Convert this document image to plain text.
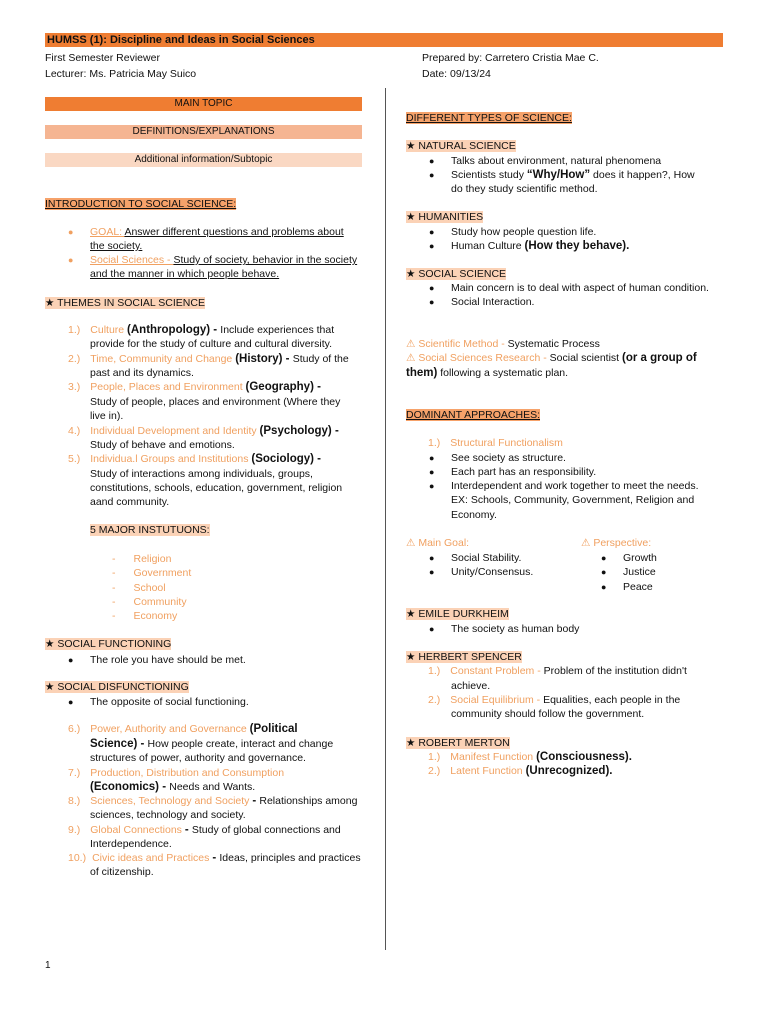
HUMSS (1): Discipline and Ideas in Social Sciences
First Semester Reviewer
Lecturer: Ms. Patricia May Suico
Prepared by: Carretero Cristia Mae C.
Date: 09/13/24
MAIN TOPIC
DEFINITIONS/EXPLANATIONS
Additional information/Subtopic
INTRODUCTION TO SOCIAL SCIENCE:
● GOAL: Answer different questions and problems about
the society.
● Social Sciences - Study of society, behavior in the society
and the manner in which people behave.
★ THEMES IN SOCIAL SCIENCE
1.) Culture (Anthropology) - Include experiences that
provide for the study of culture and cultural diversity.
2.) Time, Community and Change (History) - Study of the
past and its dynamics.
3.) People, Places and Environment (Geography) -
Study of people, places and environment (Where they
live in).
4.) Individual Development and Identity (Psychology) -
Study of behave and emotions.
5.) Individua.l Groups and Institutions (Sociology) -
Study of interactions among individuals, groups,
constitutions, schools, education, government, religion
aand community.
5 MAJOR INSTUTUONS:
- Religion
- Government
- School
- Community
- Economy
★ SOCIAL FUNCTIONING
● The role you have should be met.
★ SOCIAL DISFUNCTIONING
● The opposite of social functioning.
6.) Power, Authority and Governance (Political
Science) - How people create, interact and change
structures of power, authority and governance.
7.) Production, Distribution and Consumption
(Economics) - Needs and Wants.
8.) Sciences, Technology and Society - Relationships among
sciences, technology and society.
9.) Global Connections - Study of global connections and
Interdependence.
10.) Civic ideas and Practices - Ideas, principles and practices
of citizenship.
DIFFERENT TYPES OF SCIENCE:
★ NATURAL SCIENCE
● Talks about environment, natural phenomena
● Scientists study “Why/How” does it happen?, How
do they study scientific method.
★ HUMANITIES
● Study how people question life.
● Human Culture (How they behave).
★ SOCIAL SCIENCE
● Main concern is to deal with aspect of human condition.
● Social Interaction.
⚠ Scientific Method - Systematic Process
⚠ Social Sciences Research - Social scientist (or a group of
them) following a systematic plan.
DOMINANT APPROACHES:
1.) Structural Functionalism
● See society as structure.
● Each part has an responsibility.
● Interdependent and work together to meet the needs.
EX: Schools, Community, Government, Religion and
Economy.
⚠ Main Goal:
● Social Stability.
● Unity/Consensus.
⚠ Perspective:
● Growth
● Justice
● Peace
★ EMILE DURKHEIM
● The society as human body
★ HERBERT SPENCER
1.) Constant Problem - Problem of the institution didn't
achieve.
2.) Social Equilibrium - Equalities, each people in the
community should follow the government.
★ ROBERT MERTON
1.) Manifest Function (Consciousness).
2.) Latent Function (Unrecognized).
1
